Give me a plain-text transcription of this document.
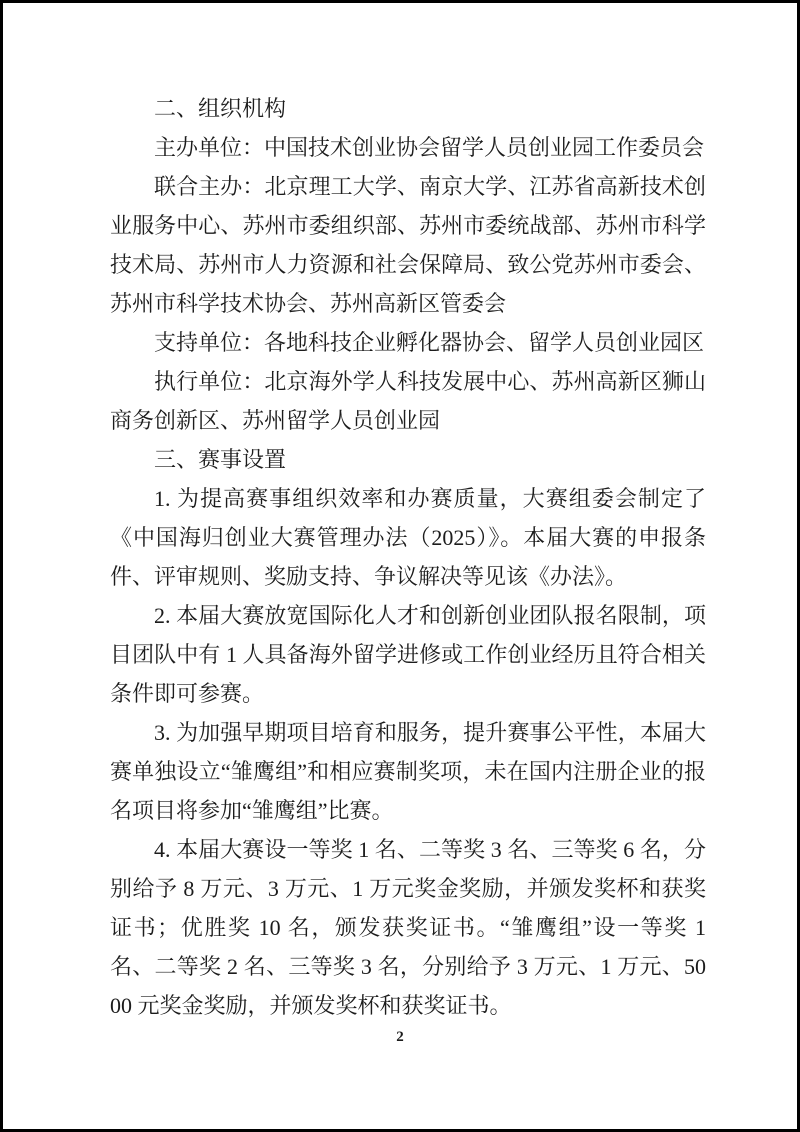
二、组织机构

主办单位：中国技术创业协会留学人员创业园工作委员会

联合主办：北京理工大学、南京大学、江苏省高新技术创业服务中心、苏州市委组织部、苏州市委统战部、苏州市科学技术局、苏州市人力资源和社会保障局、致公党苏州市委会、苏州市科学技术协会、苏州高新区管委会

支持单位：各地科技企业孵化器协会、留学人员创业园区

执行单位：北京海外学人科技发展中心、苏州高新区狮山商务创新区、苏州留学人员创业园

三、赛事设置

1. 为提高赛事组织效率和办赛质量，大赛组委会制定了《中国海归创业大赛管理办法（2025）》。本届大赛的申报条件、评审规则、奖励支持、争议解决等见该《办法》。

2. 本届大赛放宽国际化人才和创新创业团队报名限制，项目团队中有 1 人具备海外留学进修或工作创业经历且符合相关条件即可参赛。

3. 为加强早期项目培育和服务，提升赛事公平性，本届大赛单独设立“雏鹰组”和相应赛制奖项，未在国内注册企业的报名项目将参加“雏鹰组”比赛。

4. 本届大赛设一等奖 1 名、二等奖 3 名、三等奖 6 名，分别给予 8 万元、3 万元、1 万元奖金奖励，并颁发奖杯和获奖证书；优胜奖 10 名，颁发获奖证书。“雏鹰组”设一等奖 1 名、二等奖 2 名、三等奖 3 名，分别给予 3 万元、1 万元、5000 元奖金奖励，并颁发奖杯和获奖证书。

2
